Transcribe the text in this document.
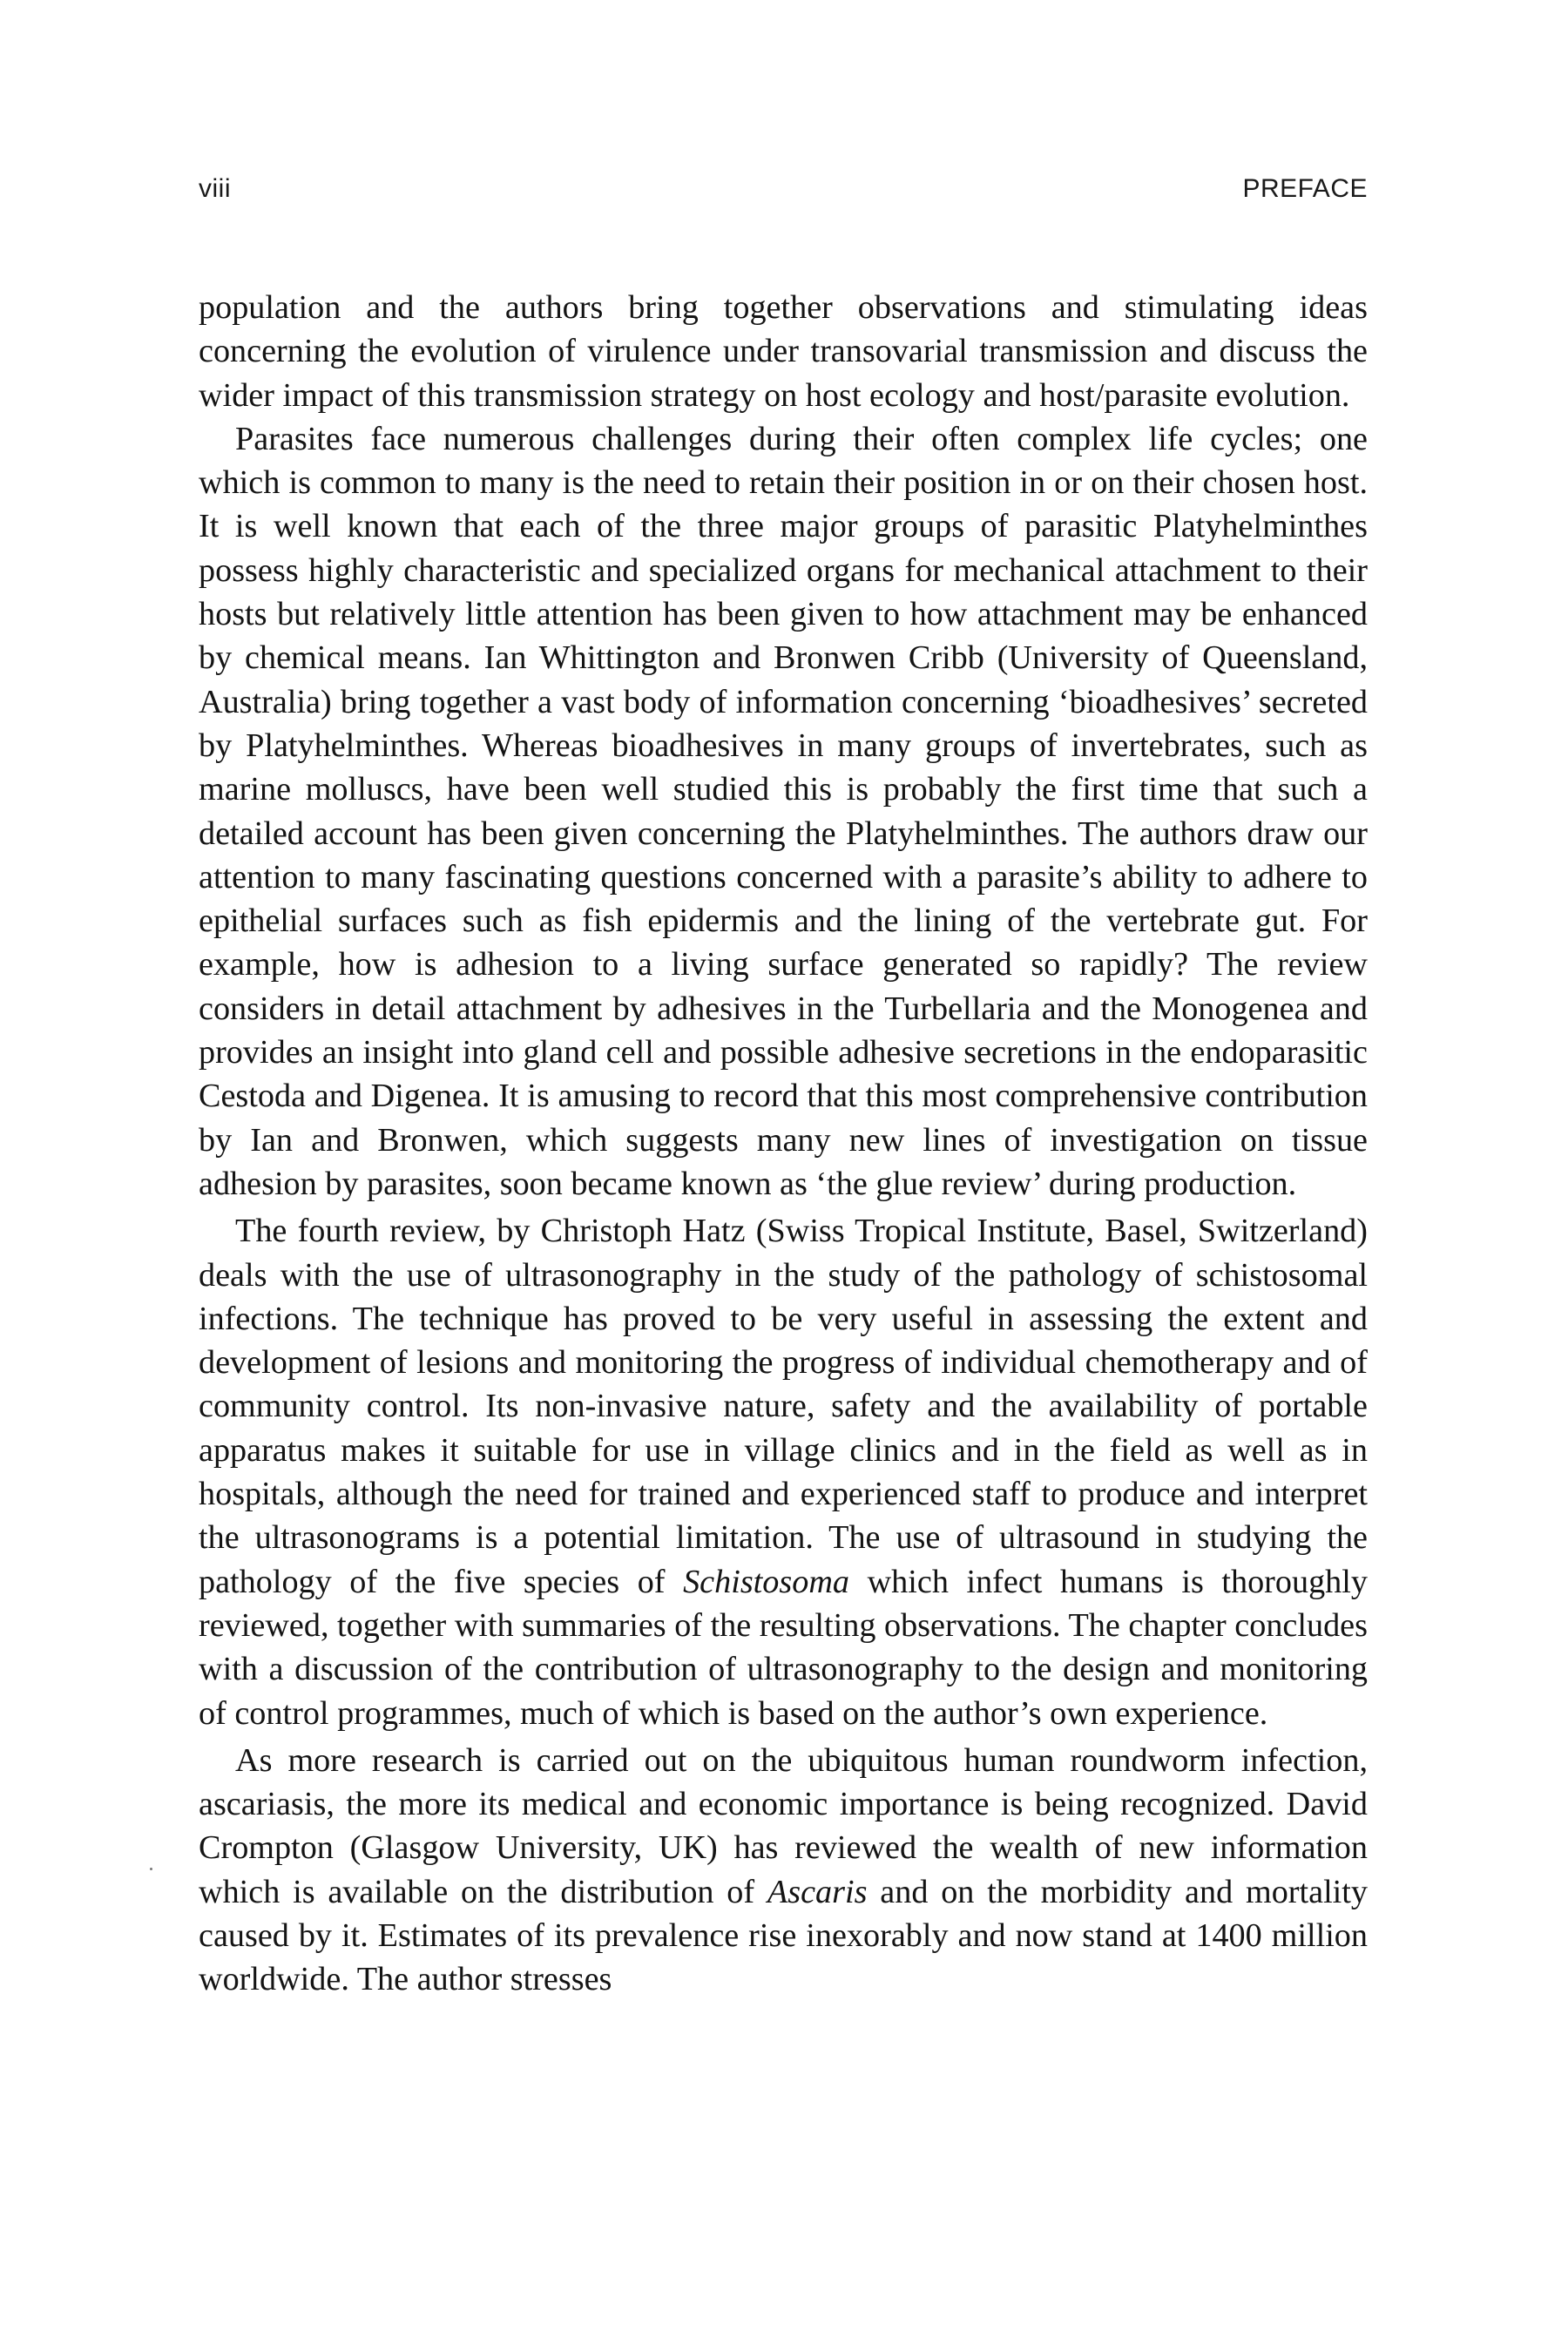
viii	PREFACE

population and the authors bring together observations and stimulating ideas concerning the evolution of virulence under transovarial transmission and discuss the wider impact of this transmission strategy on host ecology and host/parasite evolution.

Parasites face numerous challenges during their often complex life cycles; one which is common to many is the need to retain their position in or on their chosen host. It is well known that each of the three major groups of parasitic Platyhelminthes possess highly characteristic and specialized organs for mechanical attachment to their hosts but relatively little attention has been given to how attachment may be enhanced by chemical means. Ian Whittington and Bronwen Cribb (University of Queensland, Australia) bring together a vast body of information concerning ‘bioadhesives’ secreted by Platyhelminthes. Whereas bioadhesives in many groups of invertebrates, such as marine molluscs, have been well studied this is probably the first time that such a detailed account has been given concerning the Platyhelminthes. The authors draw our attention to many fascinating questions concerned with a parasite’s ability to adhere to epithelial surfaces such as fish epidermis and the lining of the vertebrate gut. For example, how is adhesion to a living surface generated so rapidly? The review considers in detail attachment by adhesives in the Turbellaria and the Monogenea and provides an insight into gland cell and possible adhesive secretions in the endoparasitic Cestoda and Digenea. It is amusing to record that this most comprehensive contribution by Ian and Bronwen, which suggests many new lines of investigation on tissue adhesion by parasites, soon became known as ‘the glue review’ during production.

The fourth review, by Christoph Hatz (Swiss Tropical Institute, Basel, Switzerland) deals with the use of ultrasonography in the study of the pathology of schistosomal infections. The technique has proved to be very useful in assessing the extent and development of lesions and monitoring the progress of individual chemotherapy and of community control. Its non-invasive nature, safety and the availability of portable apparatus makes it suitable for use in village clinics and in the field as well as in hospitals, although the need for trained and experienced staff to produce and interpret the ultrasonograms is a potential limitation. The use of ultrasound in studying the pathology of the five species of Schistosoma which infect humans is thoroughly reviewed, together with summaries of the resulting observations. The chapter concludes with a discussion of the contribution of ultrasonography to the design and monitoring of control programmes, much of which is based on the author’s own experience.

As more research is carried out on the ubiquitous human roundworm infection, ascariasis, the more its medical and economic importance is being recognized. David Crompton (Glasgow University, UK) has reviewed the wealth of new information which is available on the distribution of Ascaris and on the morbidity and mortality caused by it. Estimates of its prevalence rise inexorably and now stand at 1400 million worldwide. The author stresses
